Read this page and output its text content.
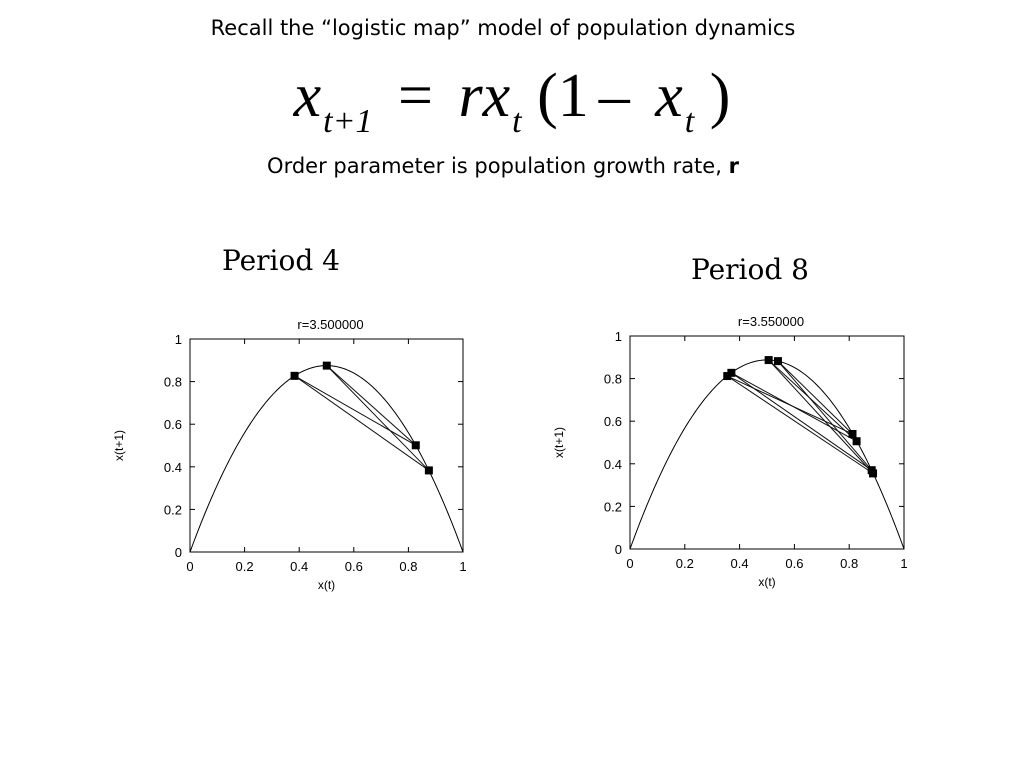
Recall the “logistic map” model of population dynamics
$x_{t+1} = rx_t$ ($1 - x_t$ )
Order parameter is population growth rate, r
Period 4	Period 8
0	0.2	0.4	0.6	0.8	1
0
0.2
0.4
0.6
0.8
1
r=3.500000
x(t)
x(t+1)
0	0.2	0.4	0.6	0.8	1
0
0.2
0.4
0.6
0.8
1
r=3.550000
x(t)
x(t+1)
